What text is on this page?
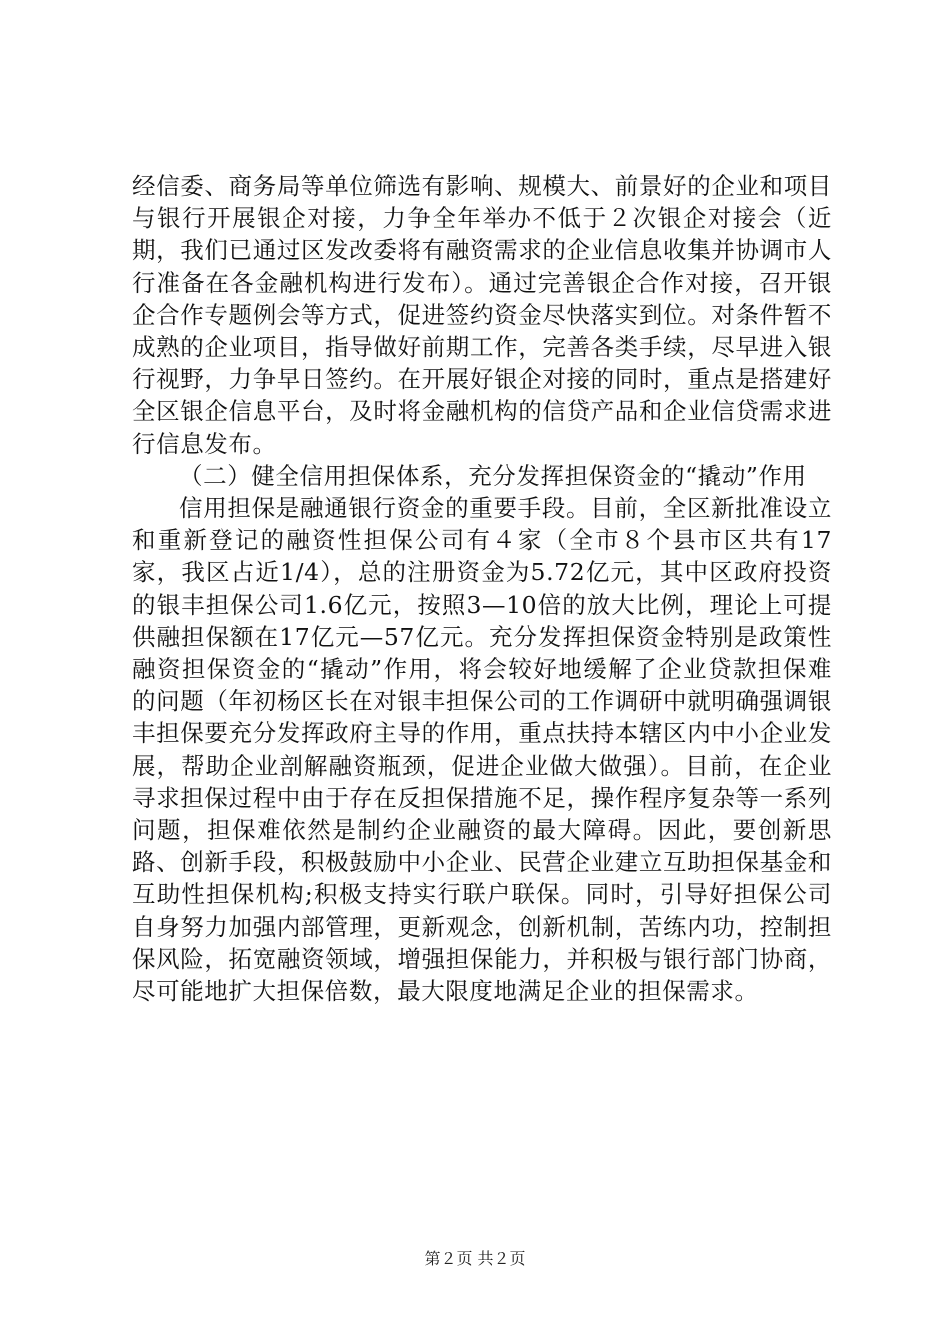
经信委、商务局等单位筛选有影响、规模大、前景好的企业和项目与银行开展银企对接，力争全年举办不低于２次银企对接会（近期，我们已通过区发改委将有融资需求的企业信息收集并协调市人行准备在各金融机构进行发布）。通过完善银企合作对接，召开银企合作专题例会等方式，促进签约资金尽快落实到位。对条件暂不成熟的企业项目，指导做好前期工作，完善各类手续，尽早进入银行视野，力争早日签约。在开展好银企对接的同时，重点是搭建好全区银企信息平台，及时将金融机构的信贷产品和企业信贷需求进行信息发布。

（二）健全信用担保体系，充分发挥担保资金的“撬动”作用

信用担保是融通银行资金的重要手段。目前，全区新批准设立和重新登记的融资性担保公司有４家（全市８个县市区共有17家，我区占近1/4），总的注册资金为5.72亿元，其中区政府投资的银丰担保公司1.6亿元，按照3—10倍的放大比例，理论上可提供融担保额在17亿元—57亿元。充分发挥担保资金特别是政策性融资担保资金的“撬动”作用，将会较好地缓解了企业贷款担保难的问题（年初杨区长在对银丰担保公司的工作调研中就明确强调银丰担保要充分发挥政府主导的作用，重点扶持本辖区内中小企业发展，帮助企业剖解融资瓶颈，促进企业做大做强）。目前，在企业寻求担保过程中由于存在反担保措施不足，操作程序复杂等一系列问题，担保难依然是制约企业融资的最大障碍。因此，要创新思路、创新手段，积极鼓励中小企业、民营企业建立互助担保基金和互助性担保机构;积极支持实行联户联保。同时，引导好担保公司自身努力加强内部管理，更新观念，创新机制，苦练内功，控制担保风险，拓宽融资领域，增强担保能力，并积极与银行部门协商，尽可能地扩大担保倍数，最大限度地满足企业的担保需求。

第２页 共２页
